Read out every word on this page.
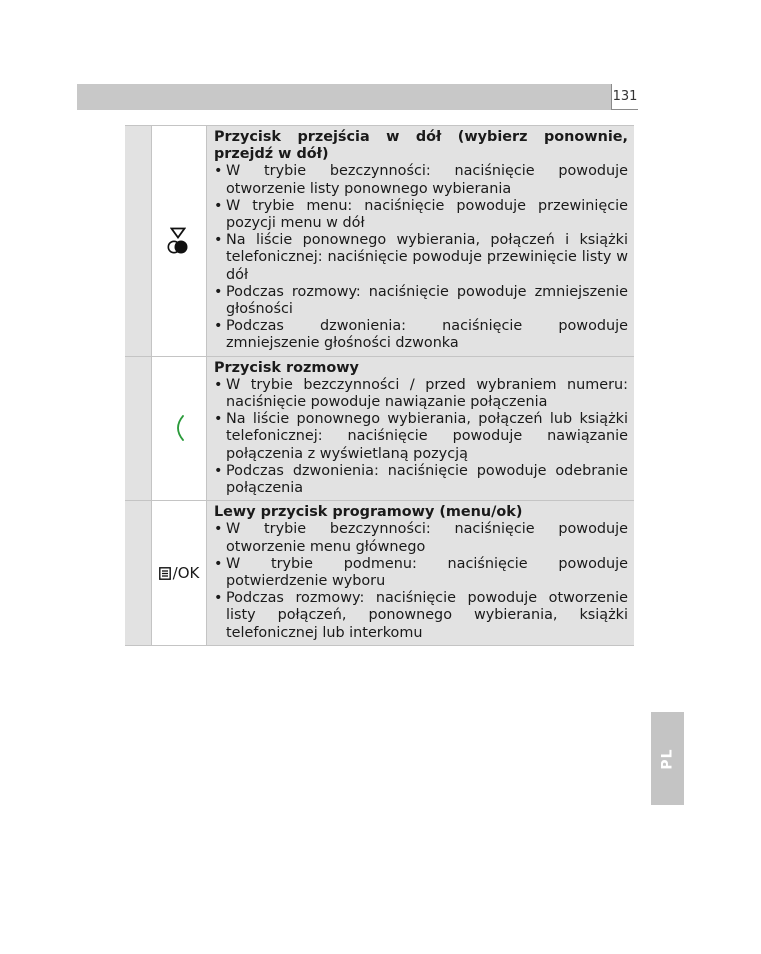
131
Przycisk przejścia w dół (wybierz ponownie, przejdź w dół)
• W trybie bezczynności: naciśnięcie powoduje otworzenie listy ponownego wybierania
• W trybie menu: naciśnięcie powoduje przewinięcie pozycji menu w dół
• Na liście ponownego wybierania, połączeń i książki telefonicznej: naciśnięcie powoduje przewinięcie listy w dół
• Podczas rozmowy: naciśnięcie powoduje zmniejszenie głośności
• Podczas dzwonienia: naciśnięcie powoduje zmniejszenie głośności dzwonka
Przycisk rozmowy
• W trybie bezczynności / przed wybraniem numeru: naciśnięcie powoduje nawiązanie połączenia
• Na liście ponownego wybierania, połączeń lub książki telefonicznej: naciśnięcie powoduje nawiązanie połączenia z wyświetlaną pozycją
• Podczas dzwonienia: naciśnięcie powoduje odebranie połączenia
/OK
Lewy przycisk programowy (menu/ok)
• W trybie bezczynności: naciśnięcie powoduje otworzenie menu głównego
• W trybie podmenu: naciśnięcie powoduje potwierdzenie wyboru
• Podczas rozmowy: naciśnięcie powoduje otworzenie listy połączeń, ponownego wybierania, książki telefonicznej lub interkomu
PL
